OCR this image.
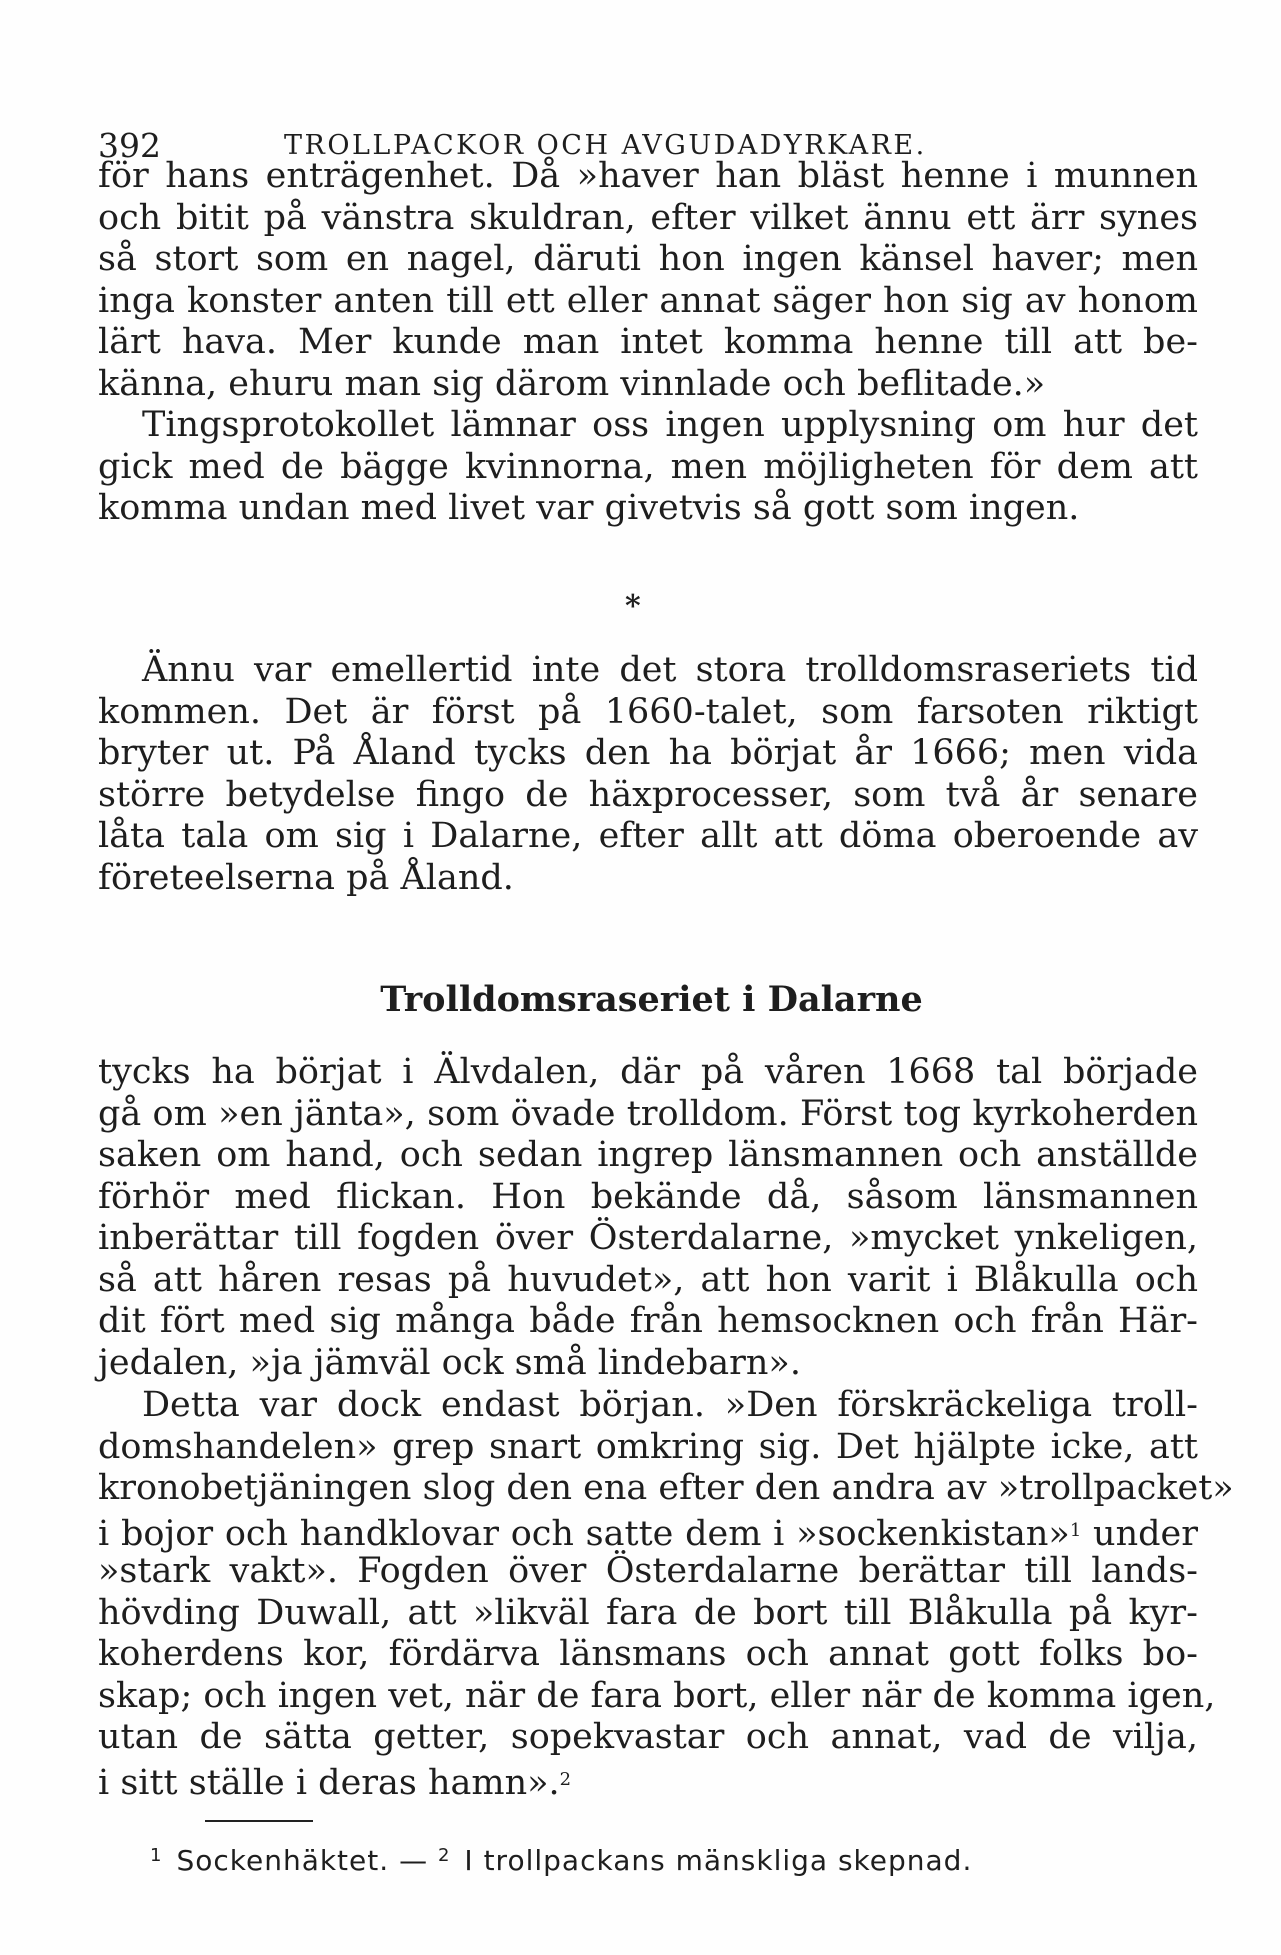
392	TROLLPACKOR OCH AVGUDADYRKARE.
för hans enträgenhet. Då »haver han bläst henne i munnen
och bitit på vänstra skuldran, efter vilket ännu ett ärr synes
så stort som en nagel, däruti hon ingen känsel haver; men
inga konster anten till ett eller annat säger hon sig av honom
lärt hava. Mer kunde man intet komma henne till att be-
känna, ehuru man sig därom vinnlade och beflitade.»
Tingsprotokollet lämnar oss ingen upplysning om hur det
gick med de bägge kvinnorna, men möjligheten för dem att
komma undan med livet var givetvis så gott som ingen.
*
Ännu var emellertid inte det stora trolldomsraseriets tid
kommen. Det är först på 1660-talet, som farsoten riktigt
bryter ut. På Åland tycks den ha börjat år 1666; men vida
större betydelse fingo de häxprocesser, som två år senare
låta tala om sig i Dalarne, efter allt att döma oberoende av
företeelserna på Åland.
Trolldomsraseriet i Dalarne
tycks ha börjat i Älvdalen, där på våren 1668 tal började
gå om »en jänta», som övade trolldom. Först tog kyrkoherden
saken om hand, och sedan ingrep länsmannen och anställde
förhör med flickan. Hon bekände då, såsom länsmannen
inberättar till fogden över Österdalarne, »mycket ynkeligen,
så att håren resas på huvudet», att hon varit i Blåkulla och
dit fört med sig många både från hemsocknen och från Här-
jedalen, »ja jämväl ock små lindebarn».
Detta var dock endast början. »Den förskräckeliga troll-
domshandelen» grep snart omkring sig. Det hjälpte icke, att
kronobetjäningen slog den ena efter den andra av »trollpacket»
i bojor och handklovar och satte dem i »sockenkistan»$^1$ under
»stark vakt». Fogden över Österdalarne berättar till lands-
hövding Duwall, att »likväl fara de bort till Blåkulla på kyr-
koherdens kor, fördärva länsmans och annat gott folks bo-
skap; och ingen vet, när de fara bort, eller när de komma igen,
utan de sätta getter, sopekvastar och annat, vad de vilja,
i sitt ställe i deras hamn».$^2$
$^1$ Sockenhäktet. — $^2$ I trollpackans mänskliga skepnad.
